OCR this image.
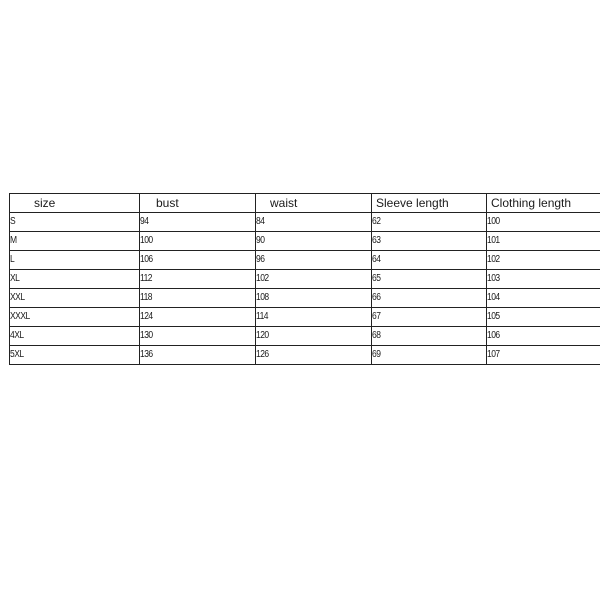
size	bust	waist	Sleeve length	Clothing length
S	94	84	62	100
M	100	90	63	101
L	106	96	64	102
XL	112	102	65	103
XXL	118	108	66	104
XXXL	124	114	67	105
4XL	130	120	68	106
5XL	136	126	69	107
